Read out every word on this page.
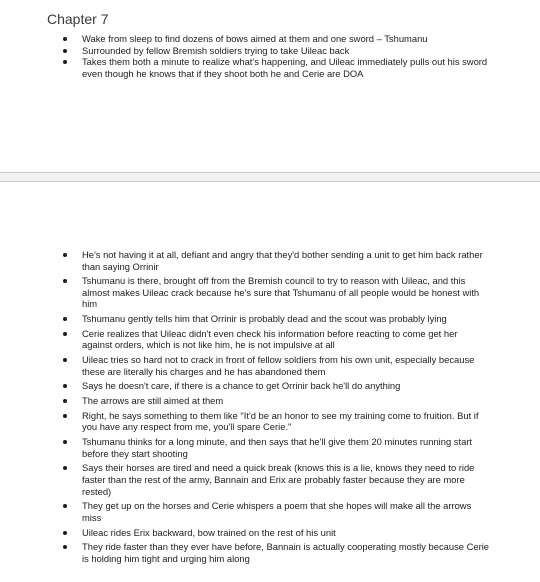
Chapter 7
Wake from sleep to find dozens of bows aimed at them and one sword – Tshumanu
Surrounded by fellow Bremish soldiers trying to take Uileac back
Takes them both a minute to realize what's happening, and Uileac immediately pulls out his sword even though he knows that if they shoot both he and Cerie are DOA
He's not having it at all, defiant and angry that they'd bother sending a unit to get him back rather than saying Orrinir
Tshumanu is there, brought off from the Bremish council to try to reason with Uileac, and this almost makes Uileac crack because he's sure that Tshumanu of all people would be honest with him
Tshumanu gently tells him that Orrinir is probably dead and the scout was probably lying
Cerie realizes that Uileac didn't even check his information before reacting to come get her against orders, which is not like him, he is not impulsive at all
Uileac tries so hard not to crack in front of fellow soldiers from his own unit, especially because these are literally his charges and he has abandoned them
Says he doesn't care, if there is a chance to get Orrinir back he'll do anything
The arrows are still aimed at them
Right, he says something to them like "It'd be an honor to see my training come to fruition. But if you have any respect from me, you'll spare Cerie."
Tshumanu thinks for a long minute, and then says that he'll give them 20 minutes running start before they start shooting
Says their horses are tired and need a quick break (knows this is a lie, knows they need to ride faster than the rest of the army, Bannain and Erix are probably faster because they are more rested)
They get up on the horses and Cerie whispers a poem that she hopes will make all the arrows miss
Uileac rides Erix backward, bow trained on the rest of his unit
They ride faster than they ever have before, Bannain is actually cooperating mostly because Cerie is holding him tight and urging him along
